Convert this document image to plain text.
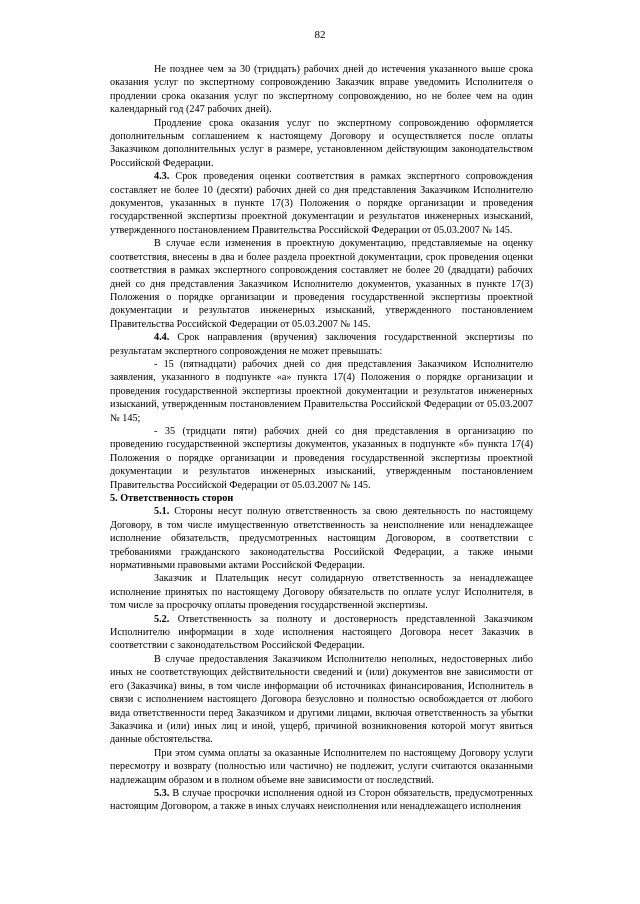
82

Не позднее чем за 30 (тридцать) рабочих дней до истечения указанного выше срока оказания услуг по экспертному сопровождению Заказчик вправе уведомить Исполнителя о продлении срока оказания услуг по экспертному сопровождению, но не более чем на один календарный год (247 рабочих дней).

Продление срока оказания услуг по экспертному сопровождению оформляется дополнительным соглашением к настоящему Договору и осуществляется после оплаты Заказчиком дополнительных услуг в размере, установленном действующим законодательством Российской Федерации.

4.3. Срок проведения оценки соответствия в рамках экспертного сопровождения составляет не более 10 (десяти) рабочих дней со дня представления Заказчиком Исполнителю документов, указанных в пункте 17(3) Положения о порядке организации и проведения государственной экспертизы проектной документации и результатов инженерных изысканий, утвержденного постановлением Правительства Российской Федерации от 05.03.2007 № 145.

В случае если изменения в проектную документацию, представляемые на оценку соответствия, внесены в два и более раздела проектной документации, срок проведения оценки соответствия в рамках экспертного сопровождения составляет не более 20 (двадцати) рабочих дней со дня представления Заказчиком Исполнителю документов, указанных в пункте 17(3) Положения о порядке организации и проведения государственной экспертизы проектной документации и результатов инженерных изысканий, утвержденного постановлением Правительства Российской Федерации от 05.03.2007 № 145.

4.4. Срок направления (вручения) заключения государственной экспертизы по результатам экспертного сопровождения не может превышать:

- 15 (пятнадцати) рабочих дней со дня представления Заказчиком Исполнителю заявления, указанного в подпункте «а» пункта 17(4) Положения о порядке организации и проведения государственной экспертизы проектной документации и результатов инженерных изысканий, утвержденным постановлением Правительства Российской Федерации от 05.03.2007 № 145;

- 35 (тридцати пяти) рабочих дней со дня представления в организацию по проведению государственной экспертизы документов, указанных в подпункте «б» пункта 17(4) Положения о порядке организации и проведения государственной экспертизы проектной документации и результатов инженерных изысканий, утвержденным постановлением Правительства Российской Федерации от 05.03.2007 № 145.

5. Ответственность сторон

5.1. Стороны несут полную ответственность за свою деятельность по настоящему Договору, в том числе имущественную ответственность за неисполнение или ненадлежащее исполнение обязательств, предусмотренных настоящим Договором, в соответствии с требованиями гражданского законодательства Российской Федерации, а также иными нормативными правовыми актами Российской Федерации.

Заказчик и Плательщик несут солидарную ответственность за ненадлежащее исполнение принятых по настоящему Договору обязательств по оплате услуг Исполнителя, в том числе за просрочку оплаты проведения государственной экспертизы.

5.2. Ответственность за полноту и достоверность представленной Заказчиком Исполнителю информации в ходе исполнения настоящего Договора несет Заказчик в соответствии с законодательством Российской Федерации.

В случае предоставления Заказчиком Исполнителю неполных, недостоверных либо иных не соответствующих действительности сведений и (или) документов вне зависимости от его (Заказчика) вины, в том числе информации об источниках финансирования, Исполнитель в связи с исполнением настоящего Договора безусловно и полностью освобождается от любого вида ответственности перед Заказчиком и другими лицами, включая ответственность за убытки Заказчика и (или) иных лиц и иной, ущерб, причиной возникновения которой могут явиться данные обстоятельства.

При этом сумма оплаты за оказанные Исполнителем по настоящему Договору услуги пересмотру и возврату (полностью или частично) не подлежит, услуги считаются оказанными надлежащим образом и в полном объеме вне зависимости от последствий.

5.3. В случае просрочки исполнения одной из Сторон обязательств, предусмотренных настоящим Договором, а также в иных случаях неисполнения или ненадлежащего исполнения
